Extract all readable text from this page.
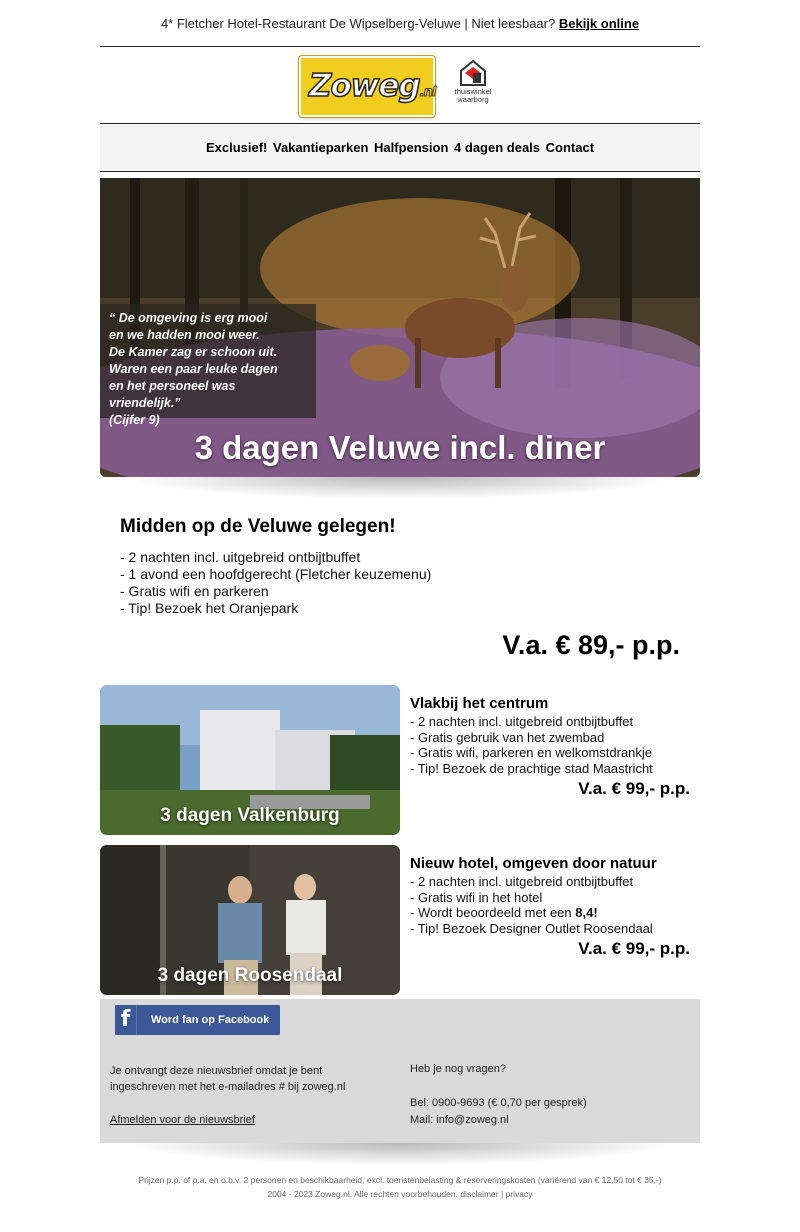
4* Fletcher Hotel-Restaurant De Wipselberg-Veluwe | Niet leesbaar? Bekijk online
Zoweg.nl	thuiswinkel
waarborg
Exclusief! Vakantieparken Halfpension 4 dagen deals Contact
“ De omgeving is erg mooi
en we hadden mooi weer.
De Kamer zag er schoon uit.
Waren een paar leuke dagen
en het personeel was vriendelijk.”
(Cijfer 9)
3 dagen Veluwe incl. diner
Midden op de Veluwe gelegen!
- 2 nachten incl. uitgebreid ontbijtbuffet
- 1 avond een hoofdgerecht (Fletcher keuzemenu)
- Gratis wifi en parkeren
- Tip! Bezoek het Oranjepark
V.a. € 89,- p.p.
3 dagen Valkenburg
Vlakbij het centrum
- 2 nachten incl. uitgebreid ontbijtbuffet
- Gratis gebruik van het zwembad
- Gratis wifi, parkeren en welkomstdrankje
- Tip! Bezoek de prachtige stad Maastricht
V.a. € 99,- p.p.
3 dagen Roosendaal
Nieuw hotel, omgeven door natuur
- 2 nachten incl. uitgebreid ontbijtbuffet
- Gratis wifi in het hotel
- Wordt beoordeeld met een 8,4!
- Tip! Bezoek Designer Outlet Roosendaal
V.a. € 99,- p.p.
f Word fan op Facebook
Je ontvangt deze nieuwsbrief omdat je bent
ingeschreven met het e-mailadres # bij zoweg.nl
Afmelden voor de nieuwsbrief
Heb je nog vragen?
Bel: 0900-9693 (€ 0,70 per gesprek)
Mail: info@zoweg.nl
Prijzen p.p. of p.a. en o.b.v. 2 personen en beschikbaarheid, excl. toeristenbelasting & reserveringskosten (variërend van € 12,50 tot € 35,-)
2004 - 2023 Zoweg.nl. Alle rechten voorbehouden. disclaimer | privacy
